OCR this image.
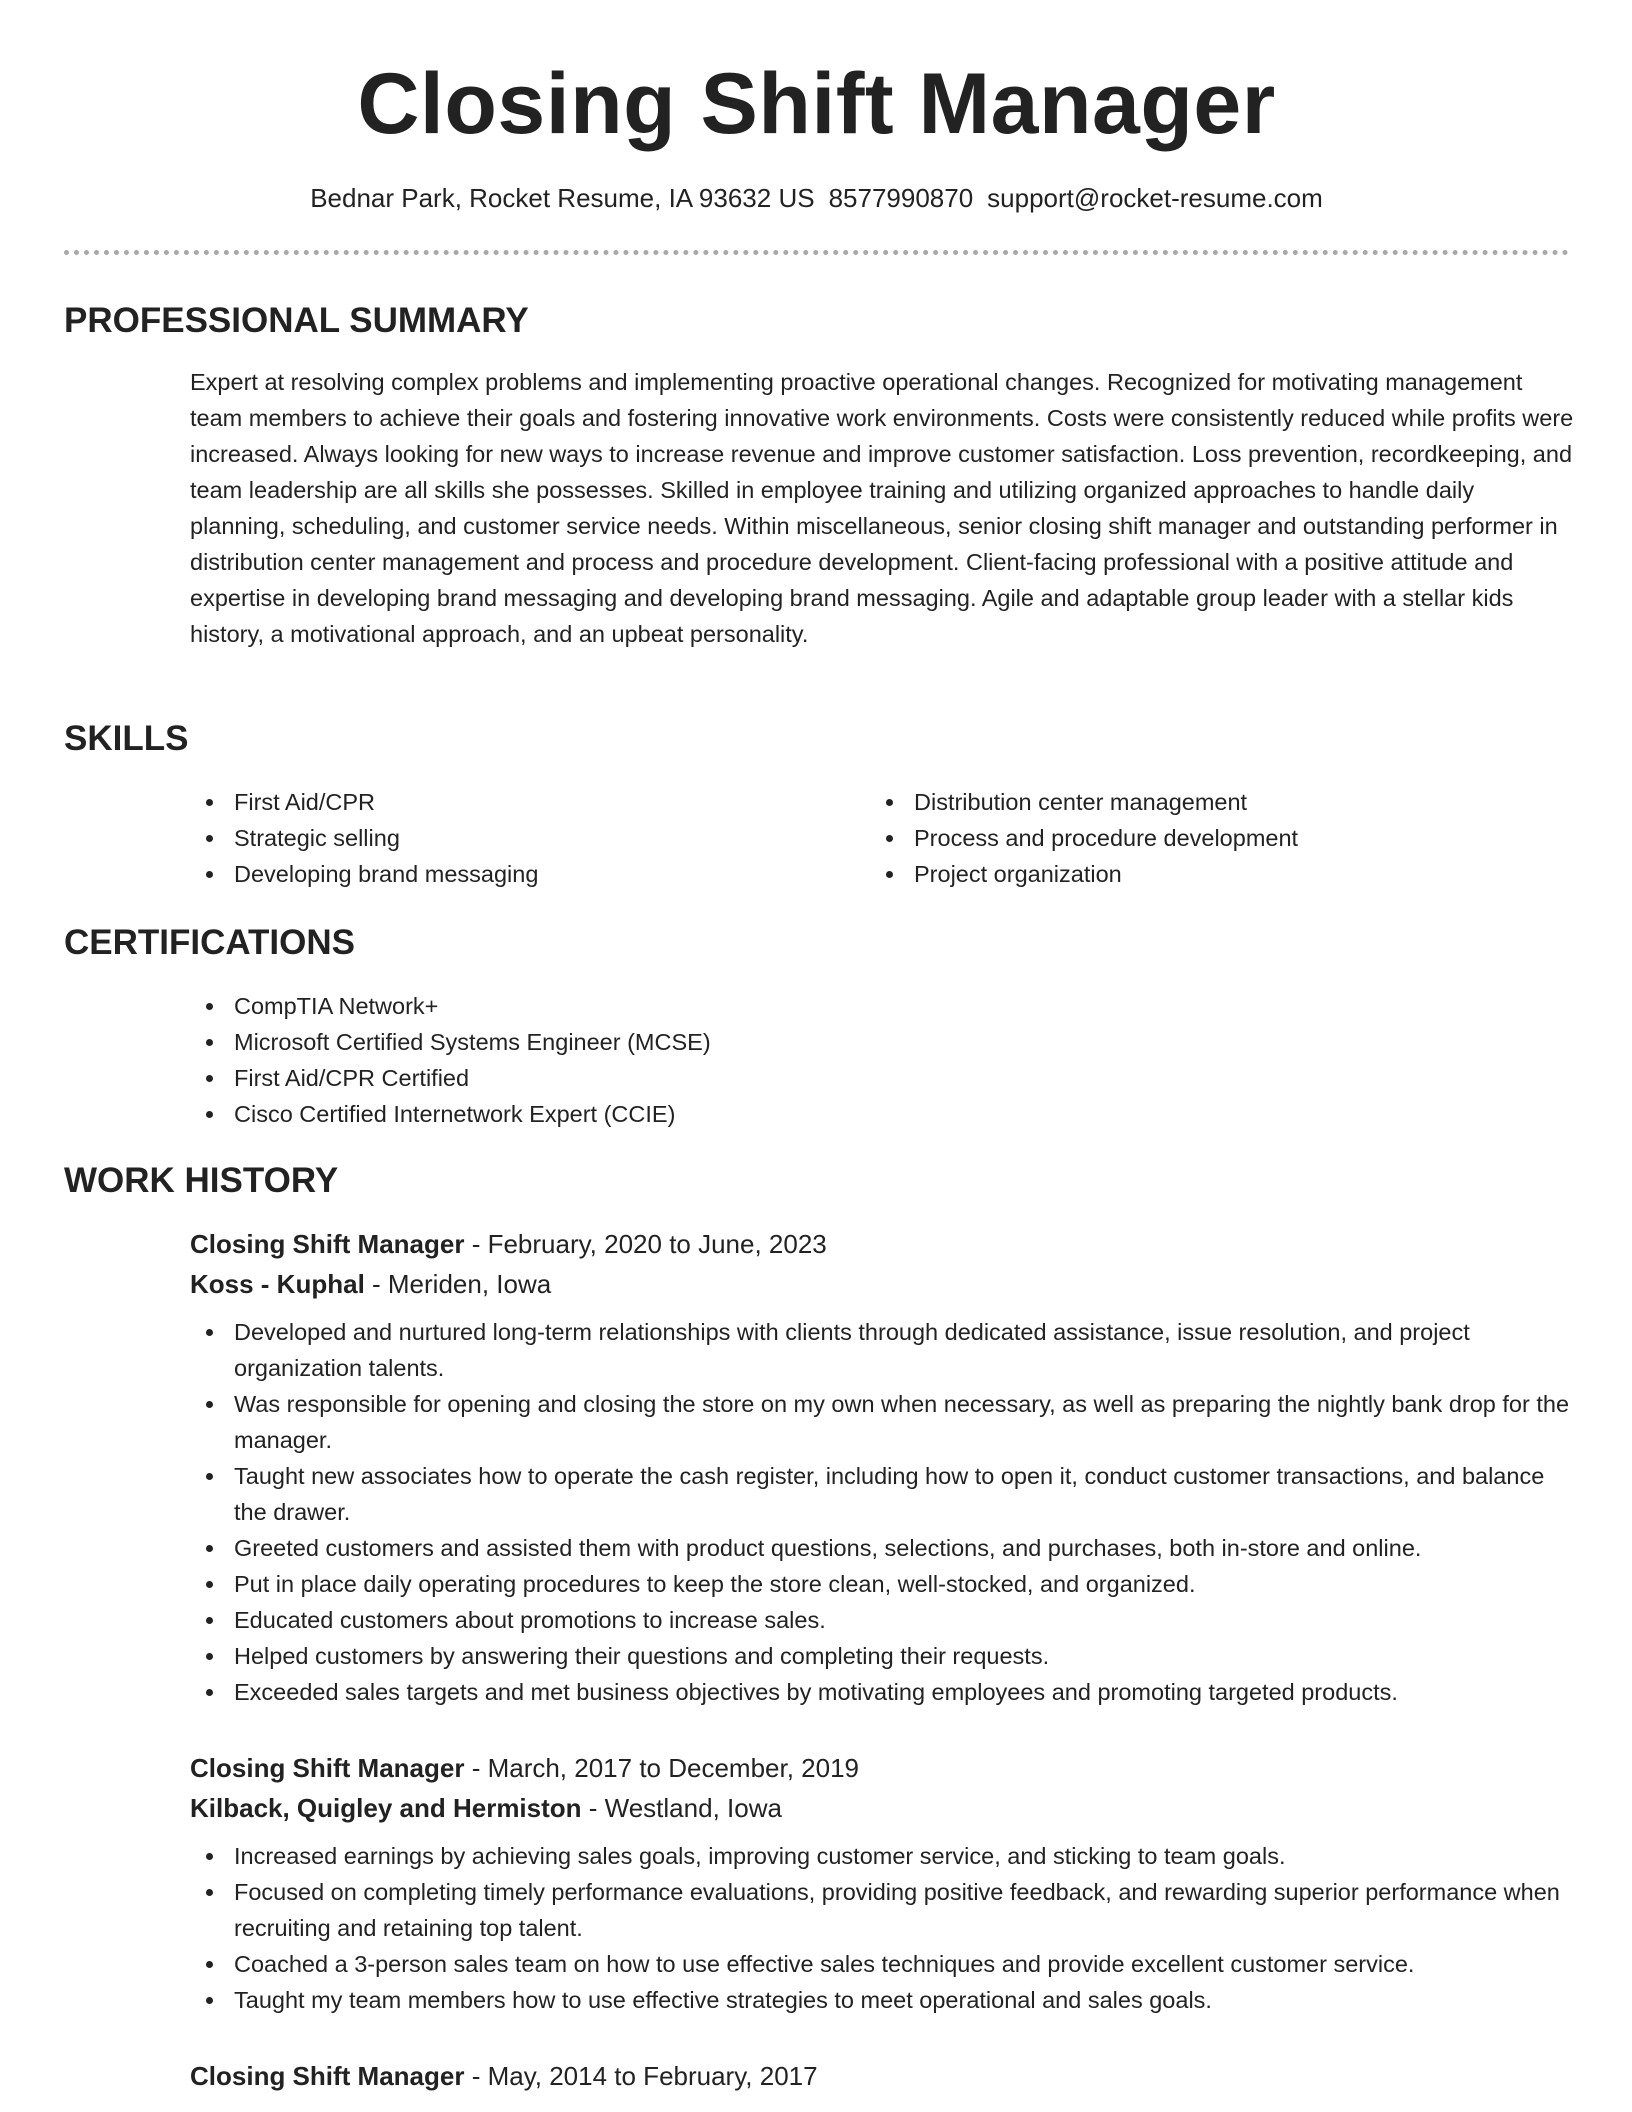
Closing Shift Manager
Bednar Park, Rocket Resume, IA 93632 US 8577990870 support@rocket-resume.com
PROFESSIONAL SUMMARY

Expert at resolving complex problems and implementing proactive operational changes. Recognized for motivating management team members to achieve their goals and fostering innovative work environments. Costs were consistently reduced while profits were increased. Always looking for new ways to increase revenue and improve customer satisfaction. Loss prevention, recordkeeping, and team leadership are all skills she possesses. Skilled in employee training and utilizing organized approaches to handle daily planning, scheduling, and customer service needs. Within miscellaneous, senior closing shift manager and outstanding performer in distribution center management and process and procedure development. Client-facing professional with a positive attitude and expertise in developing brand messaging and developing brand messaging. Agile and adaptable group leader with a stellar kids history, a motivational approach, and an upbeat personality.

SKILLS
First Aid/CPR
Strategic selling
Developing brand messaging
Distribution center management
Process and procedure development
Project organization
CERTIFICATIONS
CompTIA Network+
Microsoft Certified Systems Engineer (MCSE)
First Aid/CPR Certified
Cisco Certified Internetwork Expert (CCIE)
WORK HISTORY
Closing Shift Manager - February, 2020 to June, 2023
Koss - Kuphal - Meriden, Iowa
Developed and nurtured long-term relationships with clients through dedicated assistance, issue resolution, and project organization talents.
Was responsible for opening and closing the store on my own when necessary, as well as preparing the nightly bank drop for the manager.
Taught new associates how to operate the cash register, including how to open it, conduct customer transactions, and balance the drawer.
Greeted customers and assisted them with product questions, selections, and purchases, both in-store and online.
Put in place daily operating procedures to keep the store clean, well-stocked, and organized.
Educated customers about promotions to increase sales.
Helped customers by answering their questions and completing their requests.
Exceeded sales targets and met business objectives by motivating employees and promoting targeted products.
Closing Shift Manager - March, 2017 to December, 2019
Kilback, Quigley and Hermiston - Westland, Iowa
Increased earnings by achieving sales goals, improving customer service, and sticking to team goals.
Focused on completing timely performance evaluations, providing positive feedback, and rewarding superior performance when recruiting and retaining top talent.
Coached a 3-person sales team on how to use effective sales techniques and provide excellent customer service.
Taught my team members how to use effective strategies to meet operational and sales goals.
Closing Shift Manager - May, 2014 to February, 2017
